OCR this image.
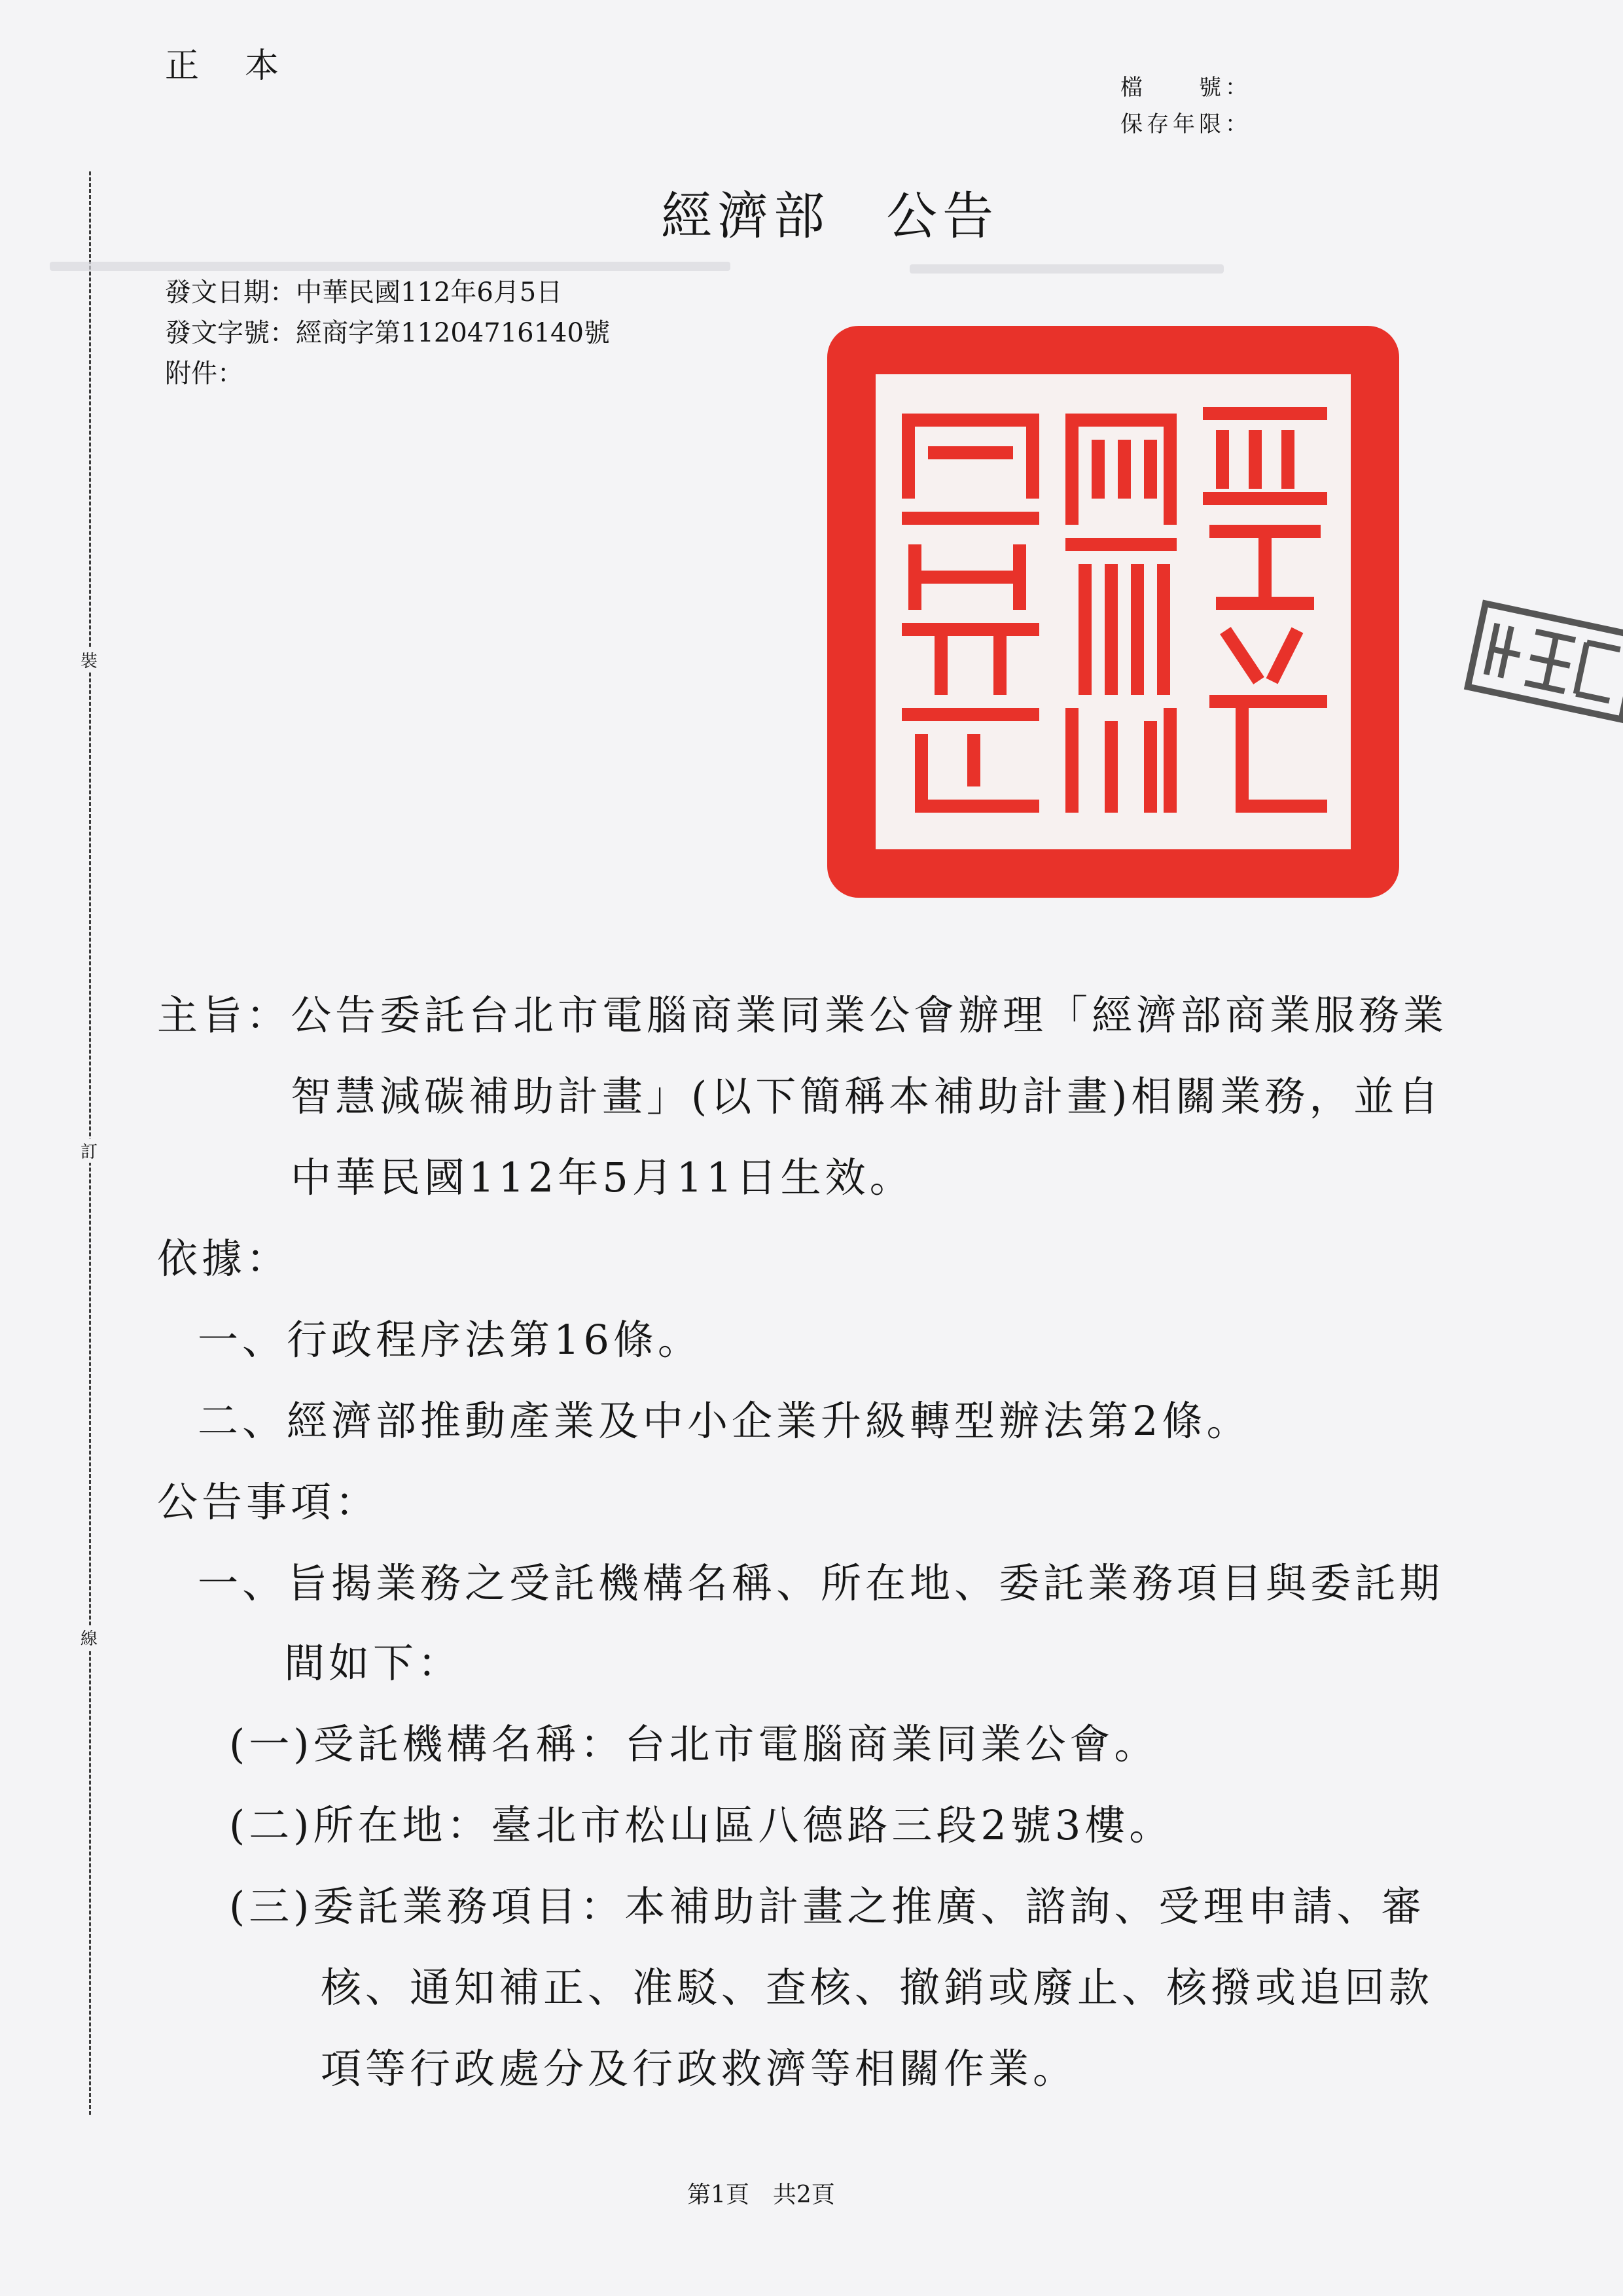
正本
檔　　號：
保存年限：
裝
訂
線
經濟部　公告
發文日期：中華民國112年6月5日
發文字號：經商字第11204716140號
附件：
主旨： 公告委託台北市電腦商業同業公會辦理「經濟部商業服務業
智慧減碳補助計畫」(以下簡稱本補助計畫)相關業務，並自
中華民國112年5月11日生效。
依據：
一、行政程序法第16條。
二、經濟部推動產業及中小企業升級轉型辦法第2條。
公告事項：
一、旨揭業務之受託機構名稱、所在地、委託業務項目與委託期
間如下：
(一)受託機構名稱：台北市電腦商業同業公會。
(二)所在地：臺北市松山區八德路三段2號3樓。
(三)委託業務項目：本補助計畫之推廣、諮詢、受理申請、審
核、通知補正、准駁、查核、撤銷或廢止、核撥或追回款
項等行政處分及行政救濟等相關作業。
第1頁　共2頁
